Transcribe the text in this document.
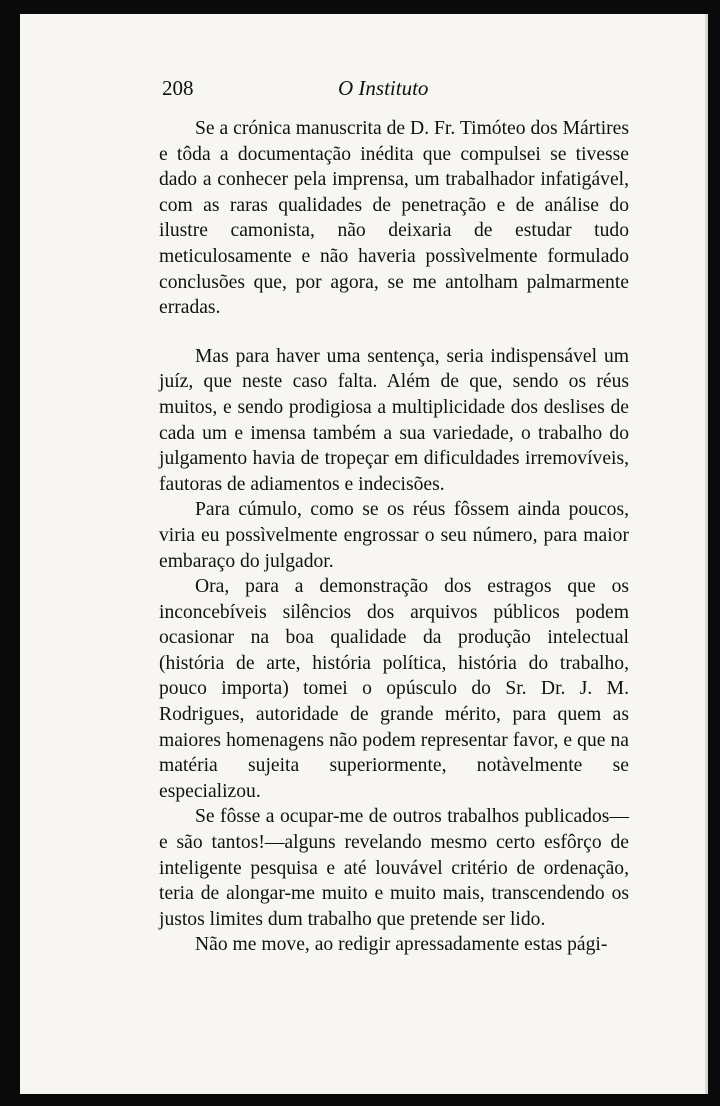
208	O Instituto

Se a crónica manuscrita de D. Fr. Timóteo dos Mártires e tôda a documentação inédita que compulsei se tivesse dado a conhecer pela imprensa, um trabalhador infatigável, com as raras qualidades de penetração e de análise do ilustre camonista, não deixaria de estudar tudo meticulosamente e não haveria possìvelmente formulado conclusões que, por agora, se me antolham palmarmente erradas.

Mas para haver uma sentença, seria indispensável um juíz, que neste caso falta. Além de que, sendo os réus muitos, e sendo prodigiosa a multiplicidade dos deslises de cada um e imensa também a sua variedade, o trabalho do julgamento havia de tropeçar em dificuldades irremovíveis, fautoras de adiamentos e indecisões.

Para cúmulo, como se os réus fôssem ainda poucos, viria eu possìvelmente engrossar o seu número, para maior embaraço do julgador.

Ora, para a demonstração dos estragos que os inconcebíveis silêncios dos arquivos públicos podem ocasionar na boa qualidade da produção intelectual (história de arte, história política, história do trabalho, pouco importa) tomei o opúsculo do Sr. Dr. J. M. Rodrigues, autoridade de grande mérito, para quem as maiores homenagens não podem representar favor, e que na matéria sujeita superiormente, notàvelmente se especializou.

Se fôsse a ocupar-me de outros trabalhos publicados— e são tantos!—alguns revelando mesmo certo esfôrço de inteligente pesquisa e até louvável critério de ordenação, teria de alongar-me muito e muito mais, transcendendo os justos limites dum trabalho que pretende ser lido.

Não me move, ao redigir apressadamente estas pági-
